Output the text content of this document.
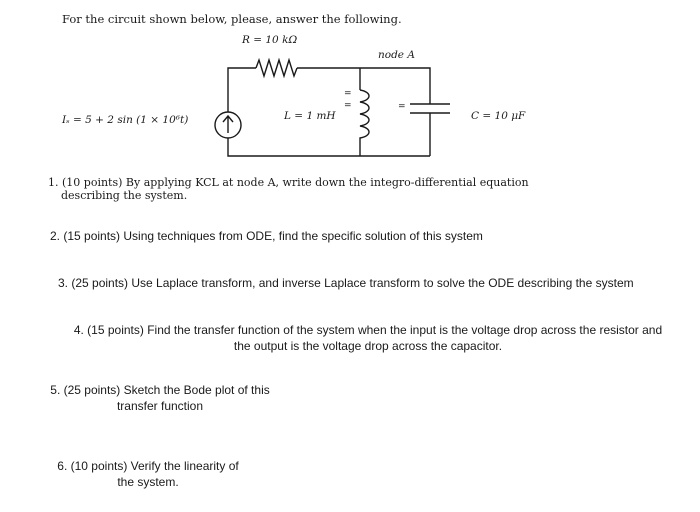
For the circuit shown below, please, answer the following.
=
=	=
R = 10 kΩ
node A
Iₛ = 5 + 2 sin (1 × 10⁶t)	L = 1 mH	C = 10 μF
1. (10 points) By applying KCL at node A, write down the integro-differential equation
describing the system.
2. (15 points) Using techniques from ODE, find the specific solution of this system
3. (25 points) Use Laplace transform, and inverse Laplace transform to solve the ODE describing the system
4. (15 points) Find the transfer function of the system when the input is the voltage drop across the resistor and
the output is the voltage drop across the capacitor.
5. (25 points) Sketch the Bode plot of this
transfer function
6. (10 points) Verify the linearity of
the system.
